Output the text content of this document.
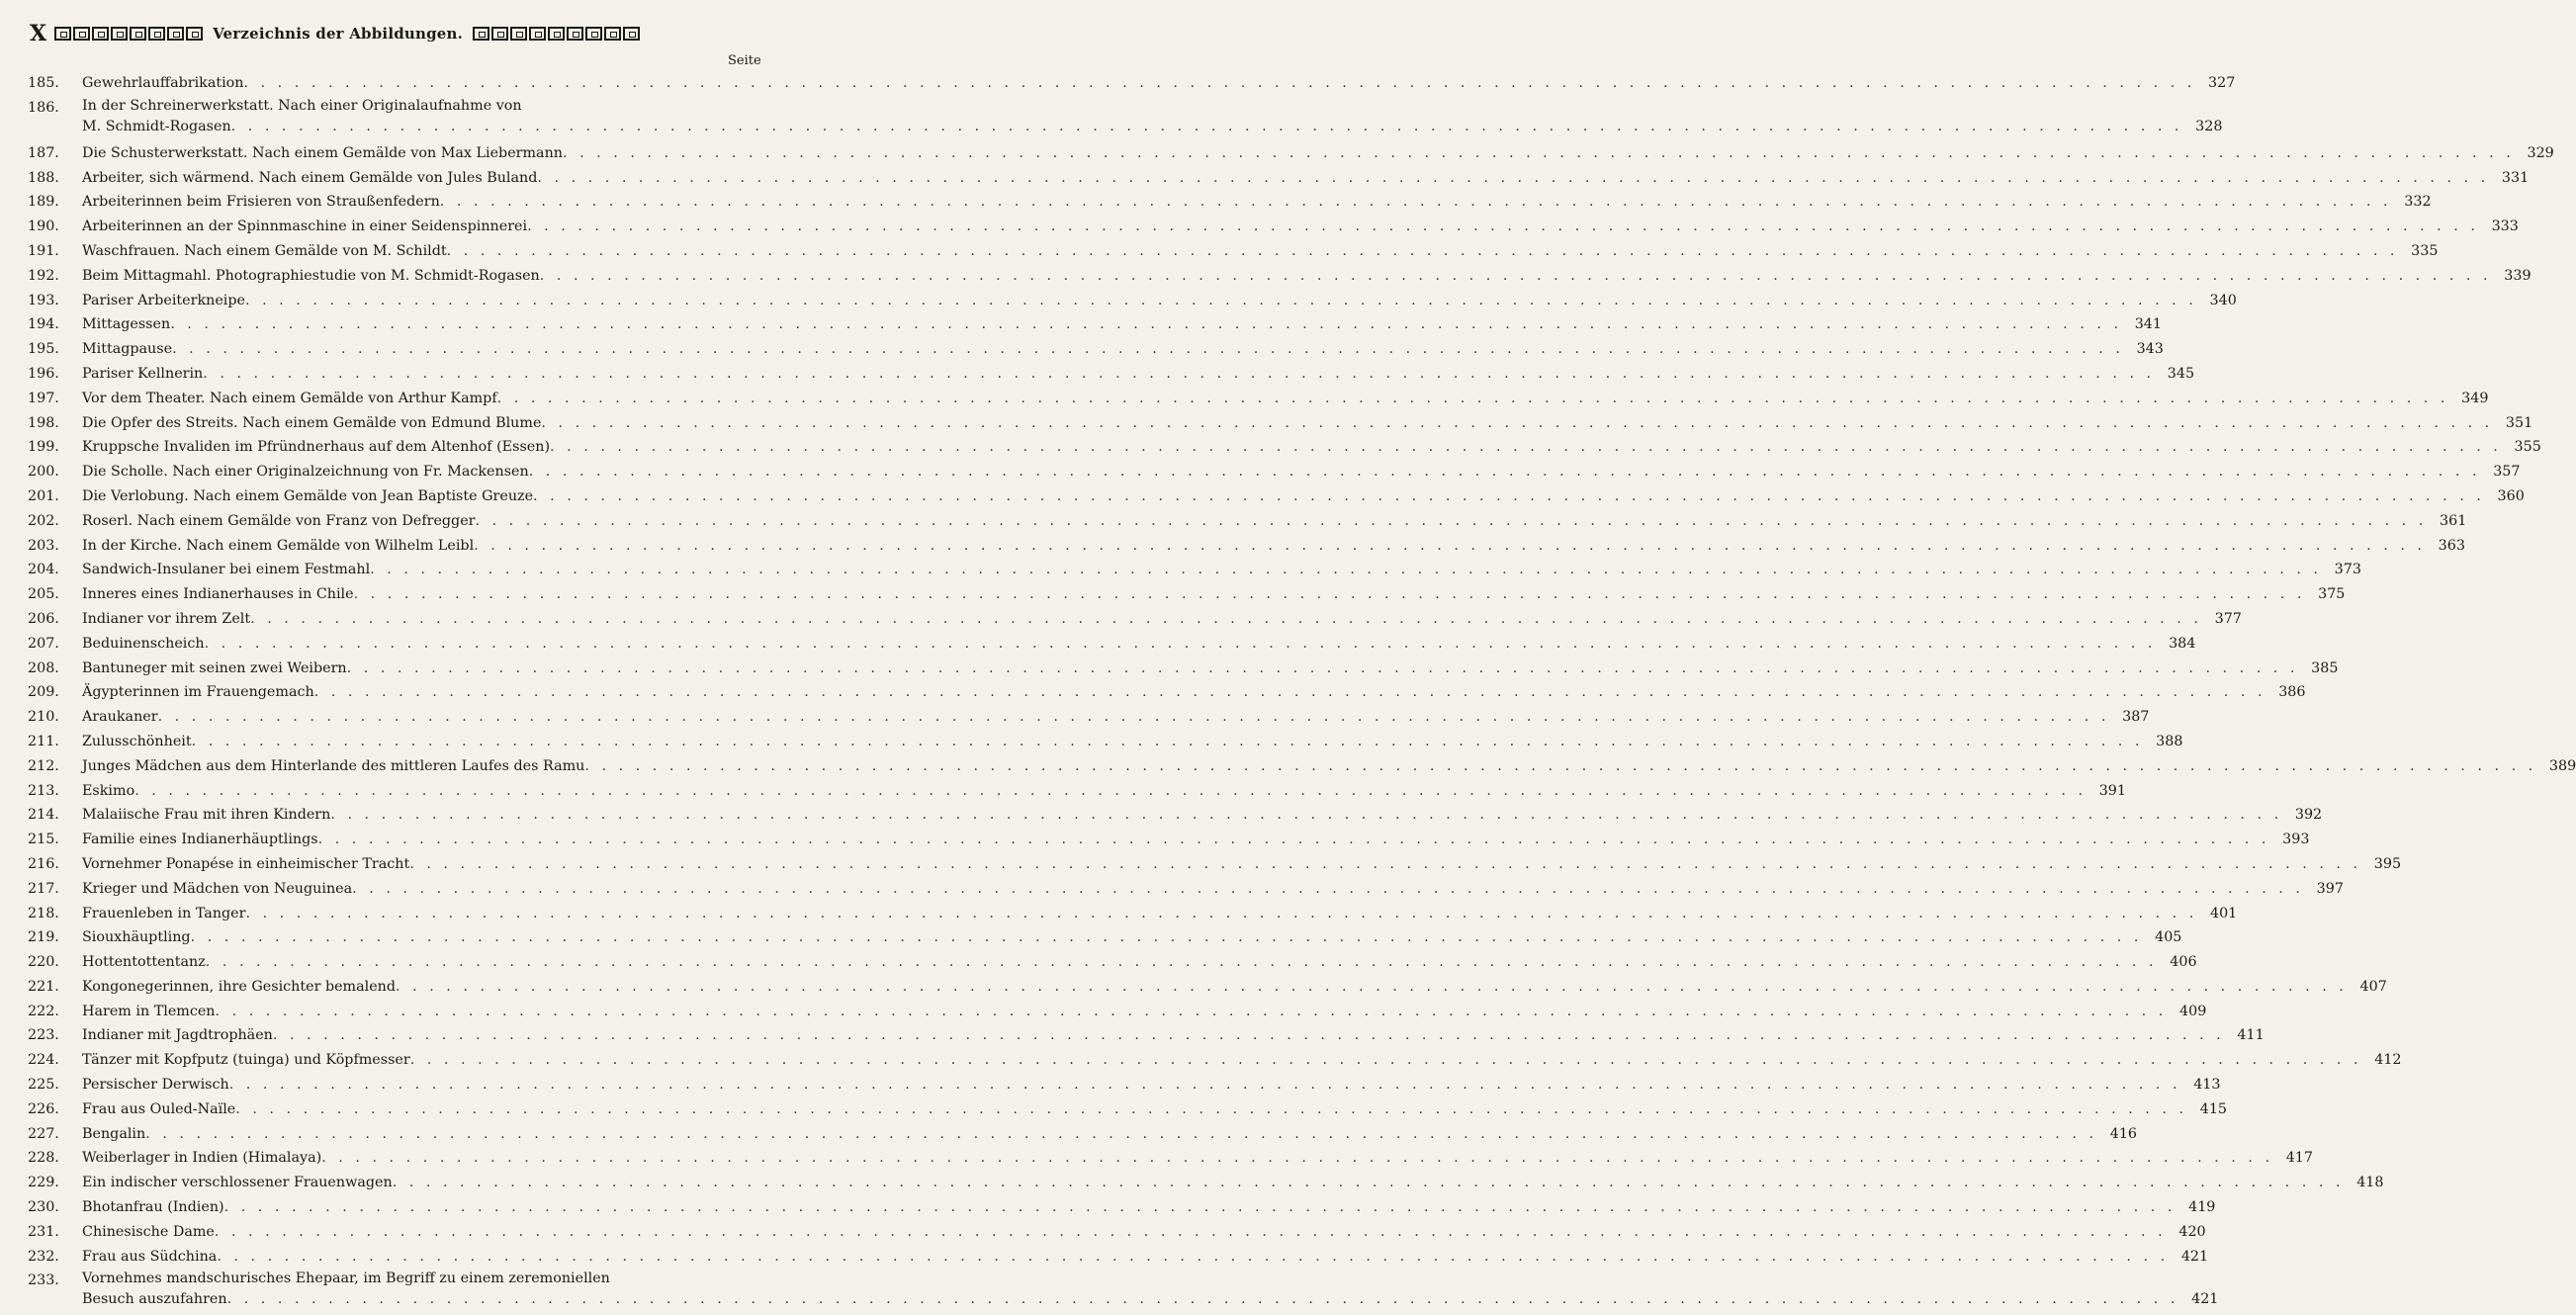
X	Verzeichnis der Abbildungen.
Seite
185.	Gewehrlauffabrikation . . .	327
186.	In der Schreinerwerkstatt. Nach einer Originalaufnahme von
M. Schmidt-Rogasen . . .	328
187.	Die Schusterwerkstatt. Nach einem Gemälde von Max Liebermann . . .	329
188.	Arbeiter, sich wärmend. Nach einem Gemälde von Jules Buland . . .	331
189.	Arbeiterinnen beim Frisieren von Straußenfedern . . .	332
190.	Arbeiterinnen an der Spinnmaschine in einer Seidenspinnerei . . .	333
191.	Waschfrauen. Nach einem Gemälde von M. Schildt . . .	335
192.	Beim Mittagmahl. Photographiestudie von M. Schmidt-Rogasen . . .	339
193.	Pariser Arbeiterkneipe . . .	340
194.	Mittagessen . . .	341
195.	Mittagpause . . .	343
196.	Pariser Kellnerin . . .	345
197.	Vor dem Theater. Nach einem Gemälde von Arthur Kampf . . .	349
198.	Die Opfer des Streits. Nach einem Gemälde von Edmund Blume . . .	351
199.	Kruppsche Invaliden im Pfründnerhaus auf dem Altenhof (Essen) . . .	355
200.	Die Scholle. Nach einer Originalzeichnung von Fr. Mackensen . . .	357
201.	Die Verlobung. Nach einem Gemälde von Jean Baptiste Greuze . . .	360
202.	Roserl. Nach einem Gemälde von Franz von Defregger . . .	361
203.	In der Kirche. Nach einem Gemälde von Wilhelm Leibl . . .	363
204.	Sandwich-Insulaner bei einem Festmahl . . .	373
205.	Inneres eines Indianerhauses in Chile . . .	375
206.	Indianer vor ihrem Zelt . . .	377
207.	Beduinenscheich . . .	384
208.	Bantuneger mit seinen zwei Weibern . . .	385
209.	Ägypterinnen im Frauengemach . . .	386
210.	Araukaner . . .	387
211.	Zulusschönheit . . .	388
212.	Junges Mädchen aus dem Hinterlande des mittleren Laufes des Ramu . . .	389
213.	Eskimo . . .	391
214.	Malaiische Frau mit ihren Kindern . . .	392
215.	Familie eines Indianerhäuptlings . . .	393
216.	Vornehmer Ponapése in einheimischer Tracht . . .	395
217.	Krieger und Mädchen von Neuguinea . . .	397
218.	Frauenleben in Tanger . . .	401
219.	Siouxhäuptling . . .	405
220.	Hottentottentanz . . .	406
221.	Kongonegerinnen, ihre Gesichter bemalend . . .	407
222.	Harem in Tlemcen . . .	409
223.	Indianer mit Jagdtrophäen . . .	411
224.	Tänzer mit Kopfputz (tuinga) und Köpfmesser . . .	412
225.	Persischer Derwisch . . .	413
226.	Frau aus Ouled-Naïle . . .	415
227.	Bengalin . . .	416
228.	Weiberlager in Indien (Himalaya) . . .	417
229.	Ein indischer verschlossener Frauenwagen . . .	418
230.	Bhotanfrau (Indien) . . .	419
231.	Chinesische Dame . . .	420
232.	Frau aus Südchina . . .	421
233.	Vornehmes mandschurisches Ehepaar, im Begriff zu einem zeremoniellen
Besuch auszufahren . . .	421
